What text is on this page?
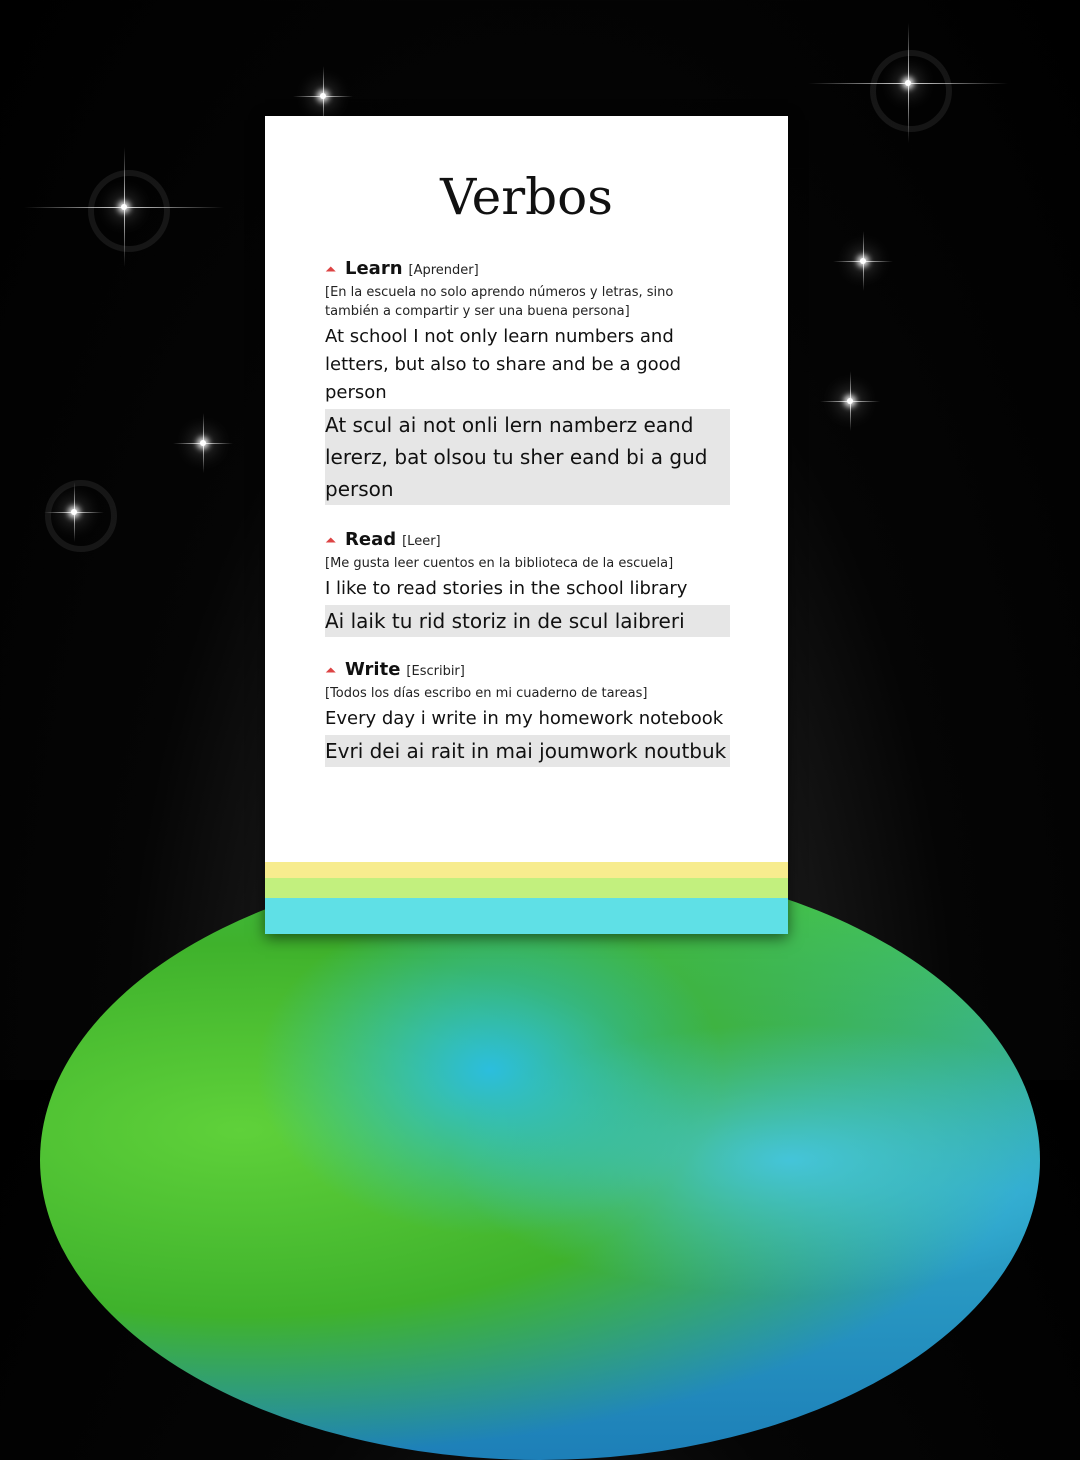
Verbos
⏶ Learn [Aprender]
[En la escuela no solo aprendo números y letras, sino también a compartir y ser una buena persona]
At school I not only learn numbers and letters, but also to share and be a good person
At scul ai not onli lern namberz eand lererz, bat olsou tu sher eand bi a gud person
⏶ Read [Leer]
[Me gusta leer cuentos en la biblioteca de la escuela]
I like to read stories in the school library
Ai laik tu rid storiz in de scul laibreri
⏶ Write [Escribir]
[Todos los días escribo en mi cuaderno de tareas]
Every day i write in my homework notebook
Evri dei ai rait in mai joumwork noutbuk
